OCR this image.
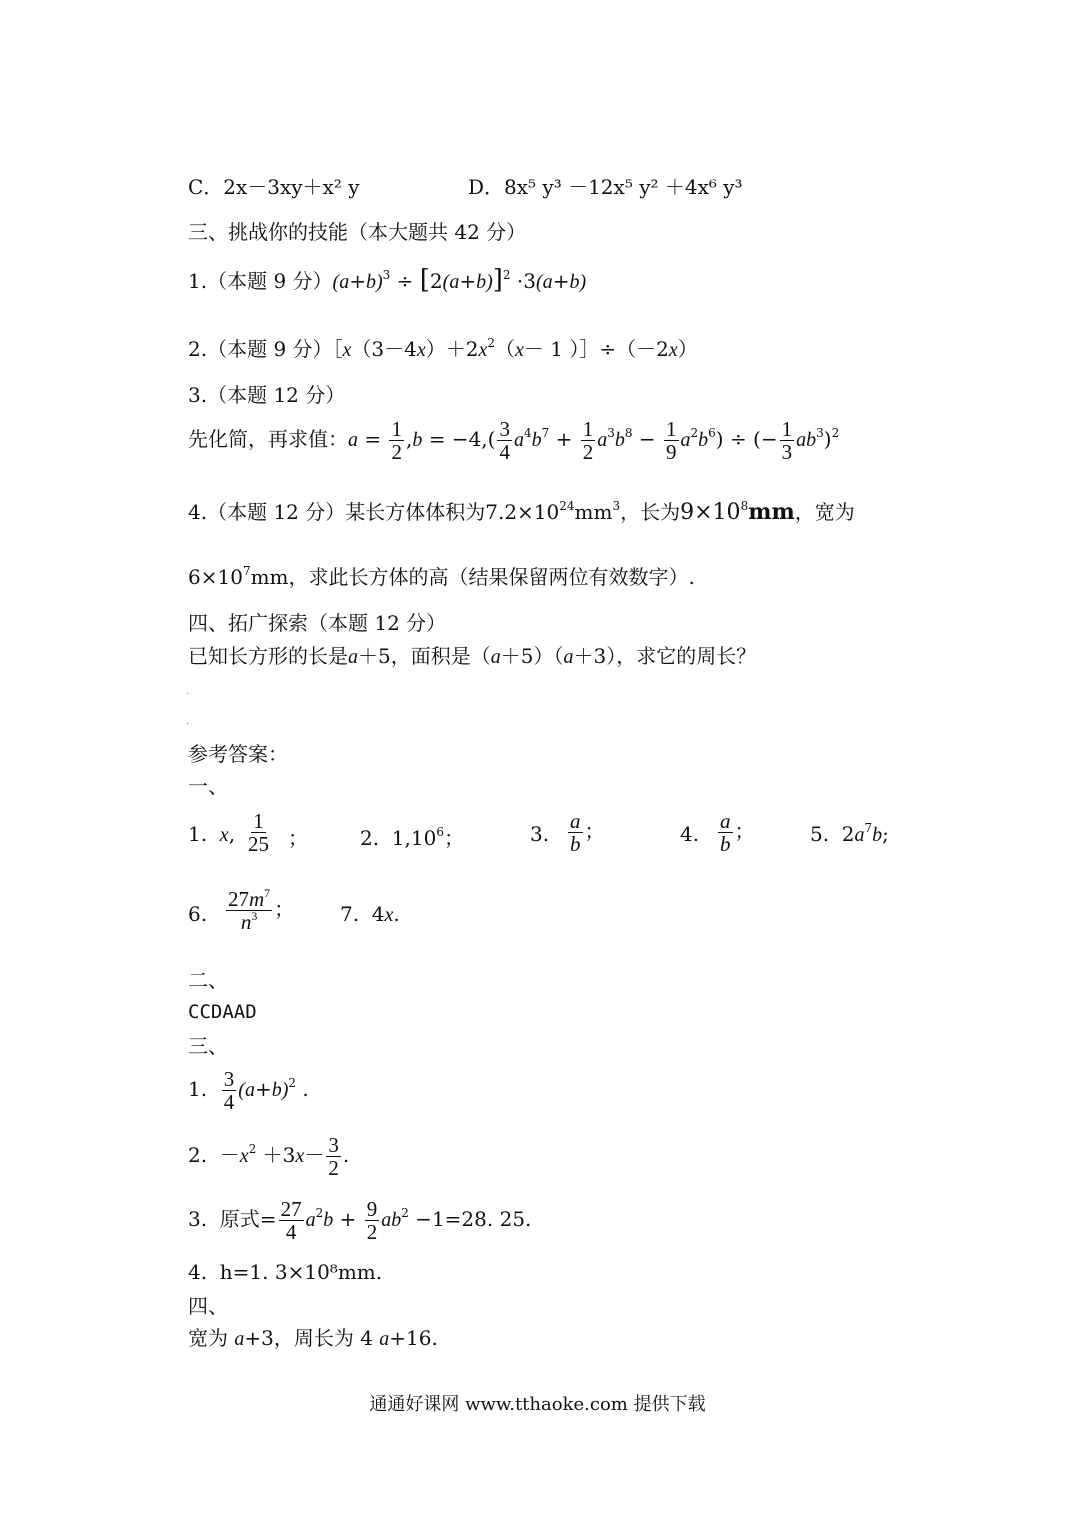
C．2x－3xy＋x² y	D．8x⁵ y³ －12x⁵ y² ＋4x⁶ y³
三、挑战你的技能（本大题共 42 分）
1.（本题 9 分）$(a+b)^3 \div [2(a+b)]^2 \cdot 3(a+b)$
2.（本题 9 分）$[x(3-4x)+2x^2(x- 1$ ）］÷（－2x）
3.（本题 12 分）
先化简，再求值：$a = \frac{1}{2} ,b = -4,( \frac{3}{4} a^4b^7 + \frac{1}{2} a^3b^8 - \frac{1}{9} a^2b^6)$ ÷ (− $\frac{1}{3} ab^3)^2$
4.（本题 12 分）某长方体体积为$7.2\times 10^{24}mm^3$，长为$9\times 10^8mm$，宽为
$6\times 10^7mm$，求此长方体的高（结果保留两位有效数字）.
四、拓广探索（本题 12 分）
已知长方形的长是a＋5，面积是（a＋5）（a＋3），求它的周长？
.
.
参考答案：
一、
1.  x, $\frac{1}{25}$ ；	2.  1,10$^6$；	3. $\frac{a}{b}$ ；	4. $\frac{a}{b}$ ；	5.  $2a^7b$;
6. $\frac{27m^7}{n^3}$ ； 7.  4x.
二、
CCDAAD
三、
1. $\frac{3}{4} (a+b)^2$ .
2.  $-x^2 +3x- \frac{3}{2}$ .
3.  原式= $\frac{27}{4} a^2b + \frac{9}{2} ab^2 -1=28$. 25.
4.  h=1. 3×10⁸mm.
四、
宽为 a+3，周长为 4 a+16.
通通好课网 www.tthaoke.com 提供下载
